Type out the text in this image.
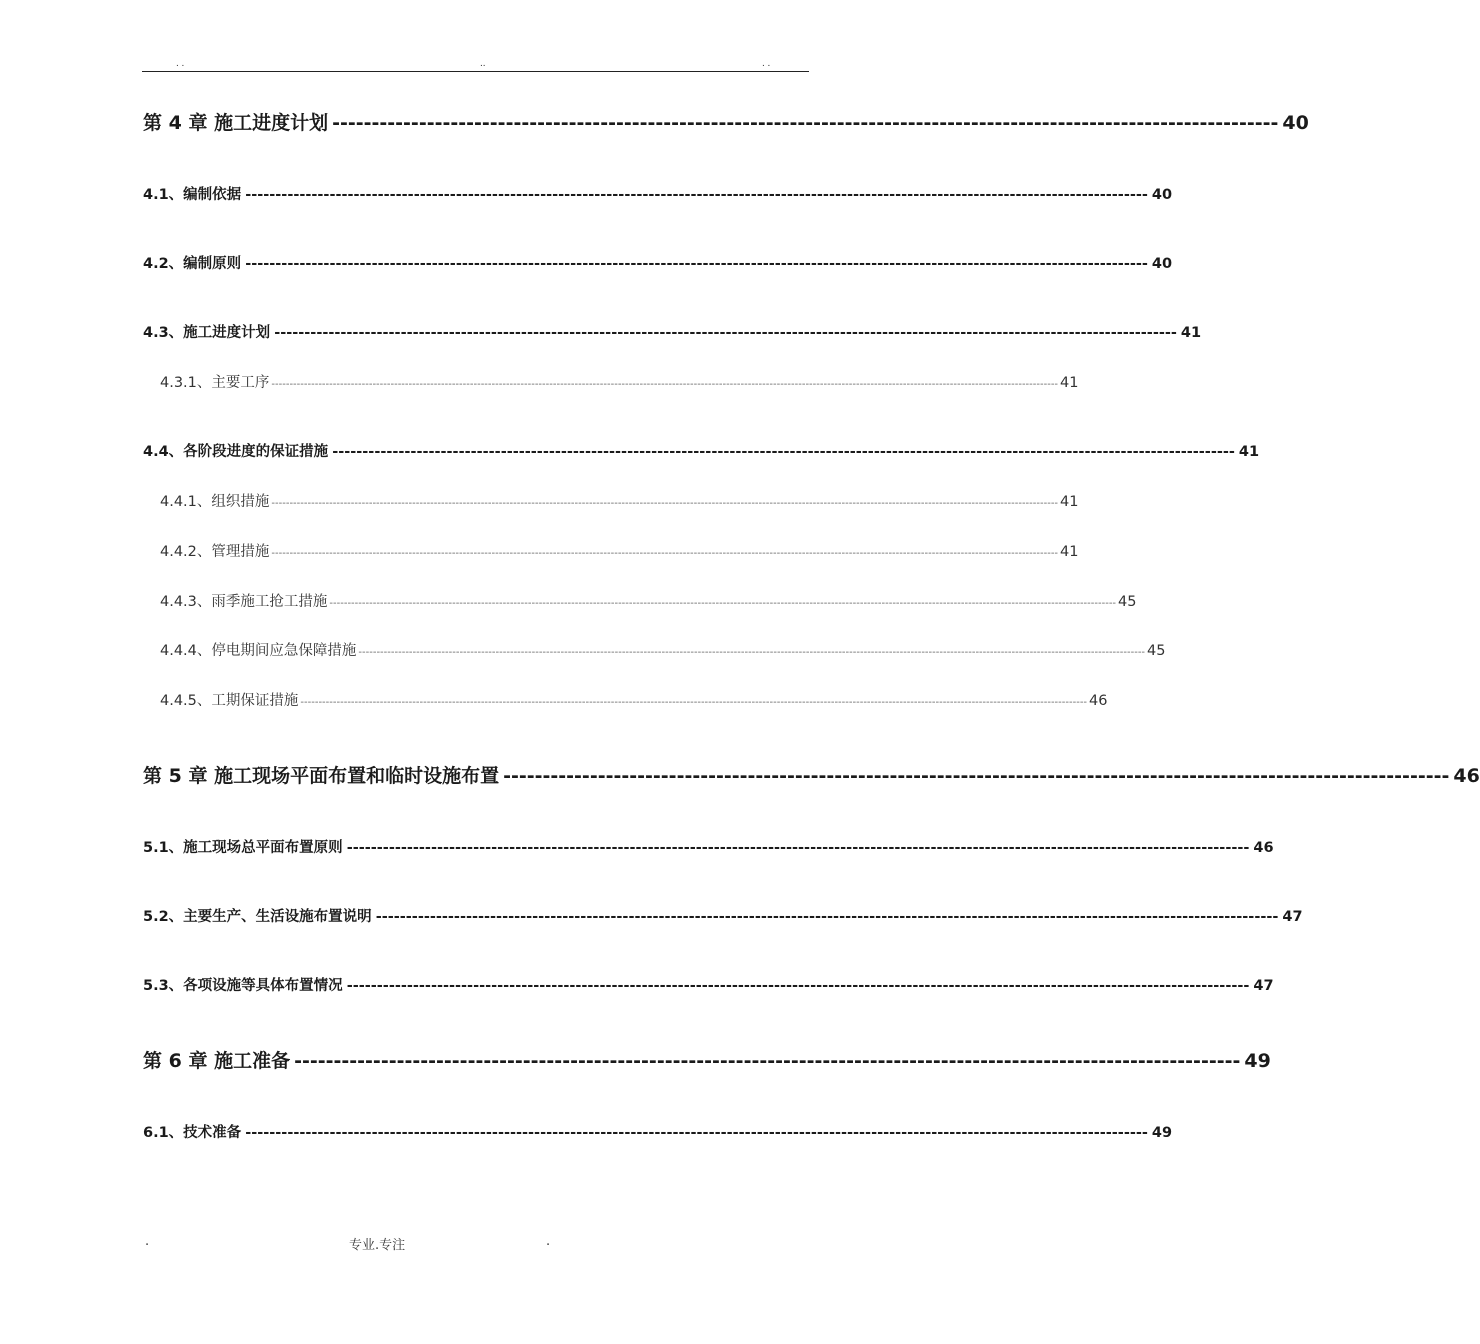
. .	..	. .
第 4 章 施工进度计划 ------------------------------------------------------------------------------------------------------------------------ 40
4.1、编制依据 ------------------------------------------------------------------------------------------------------------------------------------------------------ 40
4.2、编制原则 ------------------------------------------------------------------------------------------------------------------------------------------------------ 40
4.3、施工进度计划 ------------------------------------------------------------------------------------------------------------------------------------------------------ 41
4.3.1、主要工序 -------------------------------------------------------------------------------------------------------------------------------------------------------------------------------------------------------------------------- 41
4.4、各阶段进度的保证措施 ------------------------------------------------------------------------------------------------------------------------------------------------------ 41
4.4.1、组织措施 -------------------------------------------------------------------------------------------------------------------------------------------------------------------------------------------------------------------------- 41
4.4.2、管理措施 -------------------------------------------------------------------------------------------------------------------------------------------------------------------------------------------------------------------------- 41
4.4.3、雨季施工抢工措施 -------------------------------------------------------------------------------------------------------------------------------------------------------------------------------------------------------------------------- 45
4.4.4、停电期间应急保障措施 -------------------------------------------------------------------------------------------------------------------------------------------------------------------------------------------------------------------------- 45
4.4.5、工期保证措施 -------------------------------------------------------------------------------------------------------------------------------------------------------------------------------------------------------------------------- 46
第 5 章 施工现场平面布置和临时设施布置 ------------------------------------------------------------------------------------------------------------------------ 46
5.1、施工现场总平面布置原则 ------------------------------------------------------------------------------------------------------------------------------------------------------ 46
5.2、主要生产、生活设施布置说明 ------------------------------------------------------------------------------------------------------------------------------------------------------ 47
5.3、各项设施等具体布置情况 ------------------------------------------------------------------------------------------------------------------------------------------------------ 47
第 6 章 施工准备 ------------------------------------------------------------------------------------------------------------------------ 49
6.1、技术准备 ------------------------------------------------------------------------------------------------------------------------------------------------------ 49
.	专业.专注	.
